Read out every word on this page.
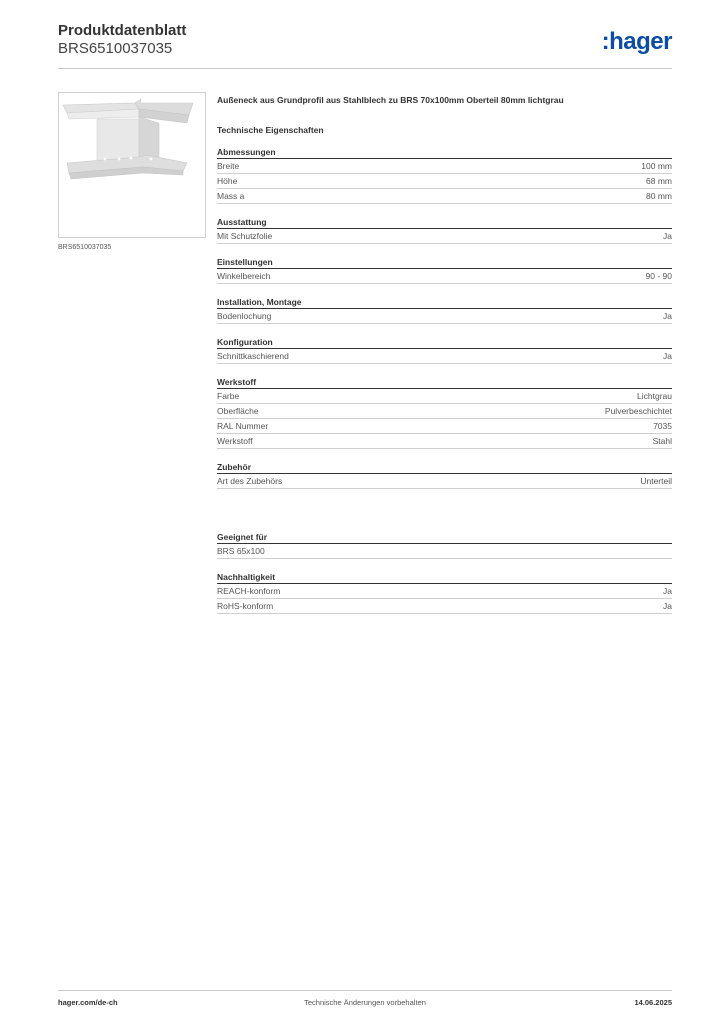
Produktdatenblatt
BRS6510037035	:hager
BRS6510037035
Außeneck aus Grundprofil aus Stahlblech zu BRS 70x100mm Oberteil 80mm lichtgrau
Technische Eigenschaften
Abmessungen
Breite	100 mm
Höhe	68 mm
Mass a	80 mm
Ausstattung
Mit Schutzfolie	Ja
Einstellungen
Winkelbereich	90 - 90
Installation, Montage
Bodenlochung	Ja
Konfiguration
Schnittkaschierend	Ja
Werkstoff
Farbe	Lichtgrau
Oberfläche	Pulverbeschichtet
RAL Nummer	7035
Werkstoff	Stahl
Zubehör
Art des Zubehörs	Unterteil
Geeignet für
BRS 65x100
Nachhaltigkeit
REACH-konform	Ja
RoHS-konform	Ja
hager.com/de-ch	Technische Änderungen vorbehalten	14.06.2025
